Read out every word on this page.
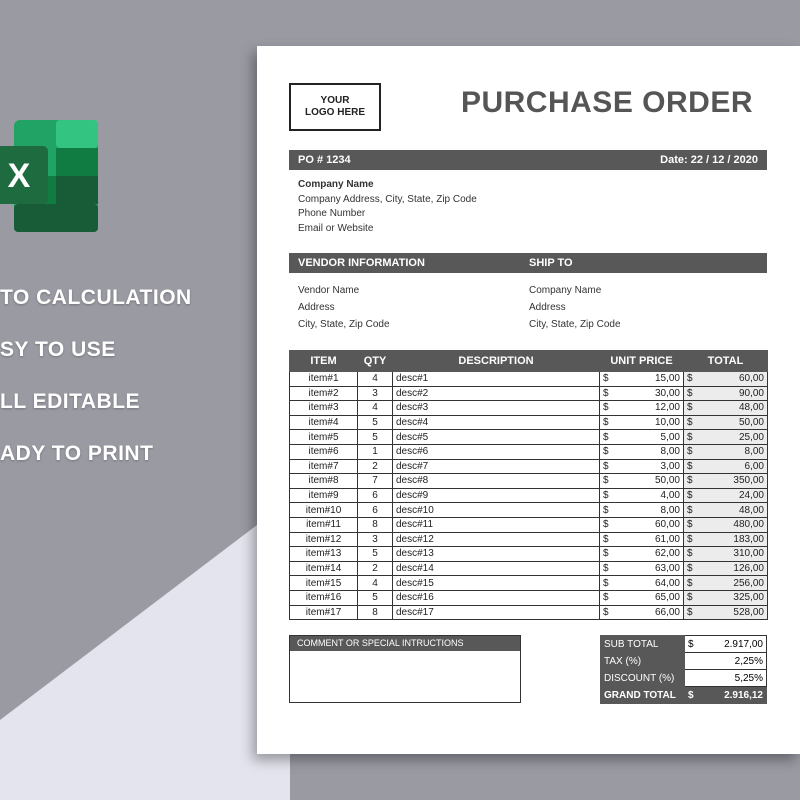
X
TO CALCULATION
SY TO USE
LL EDITABLE
ADY TO PRINT
YOUR LOGO HERE	PURCHASE ORDER
PO # 1234	Date: 22 / 12 / 2020
Company Name
Company Address, City, State, Zip Code
Phone Number
Email or Website
VENDOR INFORMATION	SHIP TO
Vendor Name
Address
City, State, Zip Code
Company Name
Address
City, State, Zip Code
ITEM	QTY	DESCRIPTION	UNIT PRICE		TOTAL	
item#1	4	desc#1	$	15,00	$	60,00
item#2	3	desc#2	$	30,00	$	90,00
item#3	4	desc#3	$	12,00	$	48,00
item#4	5	desc#4	$	10,00	$	50,00
item#5	5	desc#5	$	5,00	$	25,00
item#6	1	desc#6	$	8,00	$	8,00
item#7	2	desc#7	$	3,00	$	6,00
item#8	7	desc#8	$	50,00	$	350,00
item#9	6	desc#9	$	4,00	$	24,00
item#10	6	desc#10	$	8,00	$	48,00
item#11	8	desc#11	$	60,00	$	480,00
item#12	3	desc#12	$	61,00	$	183,00
item#13	5	desc#13	$	62,00	$	310,00
item#14	2	desc#14	$	63,00	$	126,00
item#15	4	desc#15	$	64,00	$	256,00
item#16	5	desc#16	$	65,00	$	325,00
item#17	8	desc#17	$	66,00	$	528,00
COMMENT OR SPECIAL INTRUCTIONS	SUB TOTAL	$	2.917,00
TAX (%)	2,25%	
DISCOUNT (%)	5,25%	
GRAND TOTAL	$	2.916,12
